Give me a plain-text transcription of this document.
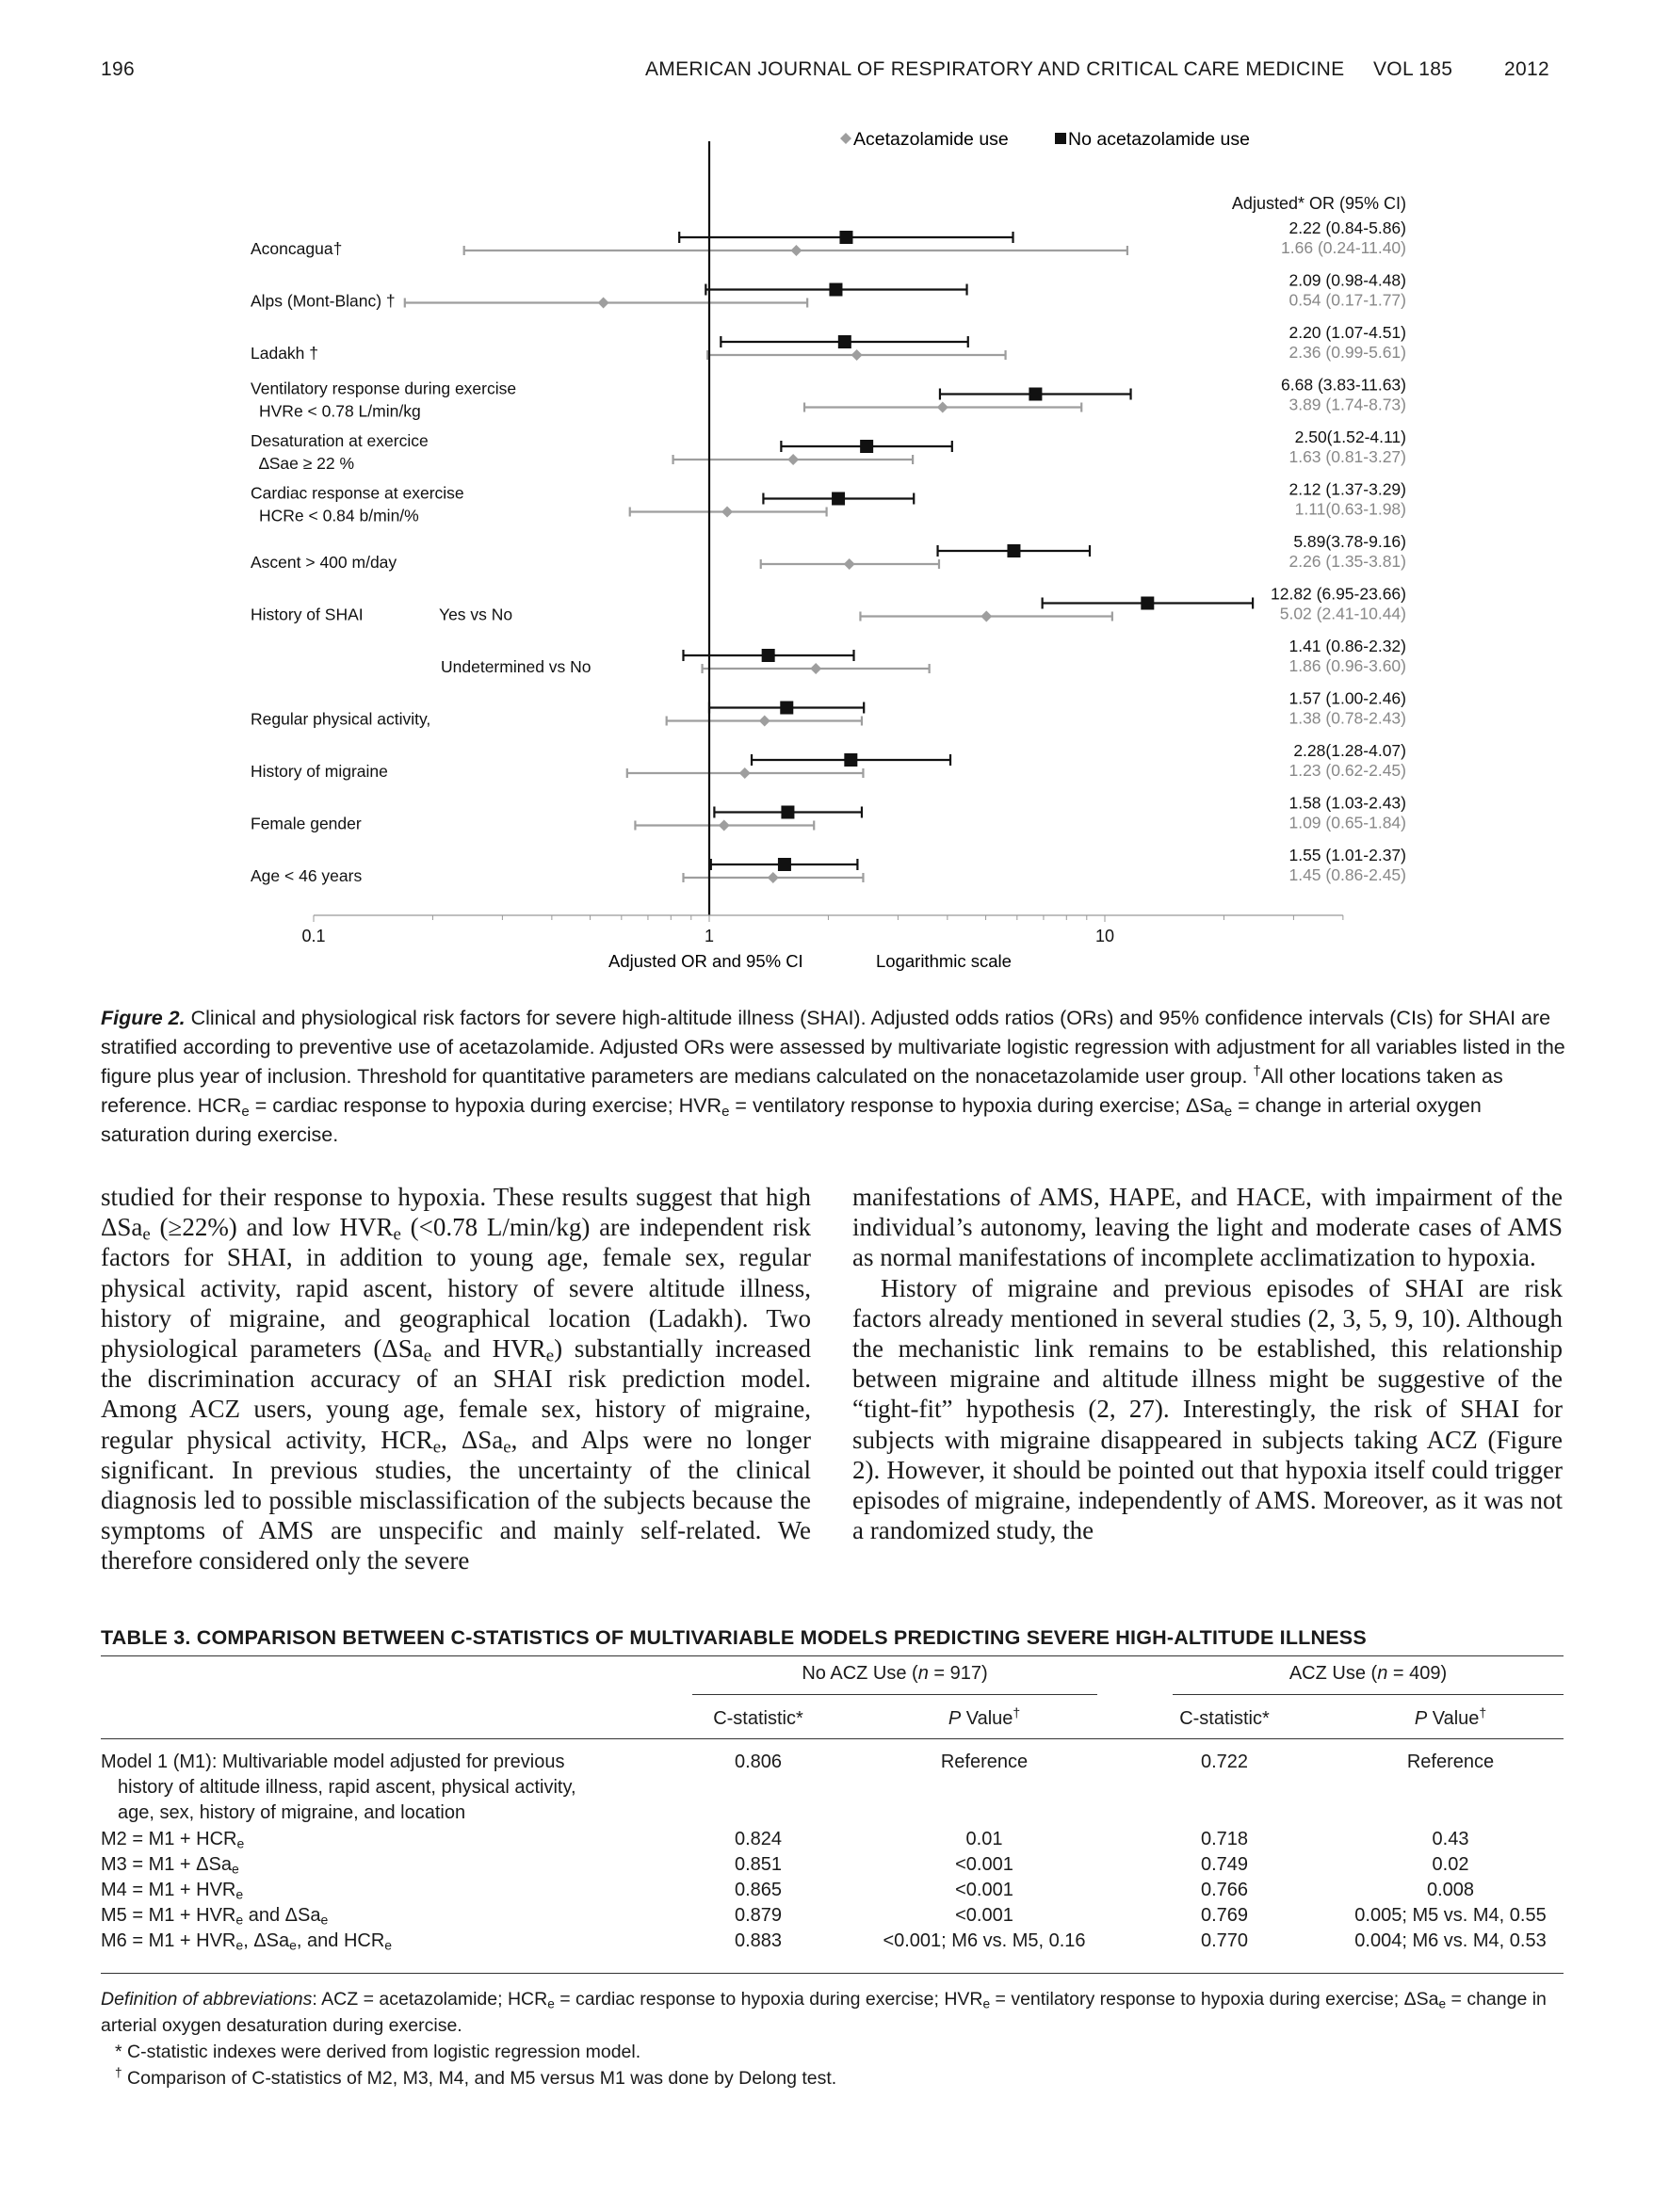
196	AMERICAN JOURNAL OF RESPIRATORY AND CRITICAL CARE MEDICINE VOL 185	2012
Acetazolamide use	No acetazolamide use
Adjusted* OR (95% CI)
Aconcagua†
2.22 (0.84-5.86)
1.66 (0.24-11.40)
Alps (Mont-Blanc) †
2.09 (0.98-4.48)
0.54 (0.17-1.77)
Ladakh †
2.20 (1.07-4.51)
2.36 (0.99-5.61)
Ventilatory response during exercise
HVRe < 0.78 L/min/kg
6.68 (3.83-11.63)
3.89 (1.74-8.73)
Desaturation at exercice
∆Sae ≥ 22 %
2.50(1.52-4.11)
1.63 (0.81-3.27)
Cardiac response at exercise
HCRe < 0.84 b/min/%
2.12 (1.37-3.29)
1.11(0.63-1.98)
Ascent > 400 m/day
5.89(3.78-9.16)
2.26 (1.35-3.81)
History of SHAI	Yes vs No
12.82 (6.95-23.66)
5.02 (2.41-10.44)
Undetermined vs No
1.41 (0.86-2.32)
1.86 (0.96-3.60)
Regular physical activity,
1.57 (1.00-2.46)
1.38 (0.78-2.43)
History of migraine
2.28(1.28-4.07)
1.23 (0.62-2.45)
Female gender
1.58 (1.03-2.43)
1.09 (0.65-1.84)
Age < 46 years
1.55 (1.01-2.37)
1.45 (0.86-2.45)
0.1	1	10
Adjusted OR and 95% CI	Logarithmic scale
Figure 2. Clinical and physiological risk factors for severe high-altitude illness (SHAI). Adjusted odds ratios (ORs) and 95% confidence intervals (CIs) for SHAI are stratified according to preventive use of acetazolamide. Adjusted ORs were assessed by multivariate logistic regression with adjustment for all variables listed in the figure plus year of inclusion. Threshold for quantitative parameters are medians calculated on the nonacetazolamide user group. †All other locations taken as reference. $HCR_e$ = cardiac response to hypoxia during exercise; $HVR_e$ = ventilatory response to hypoxia during exercise; ΔSa$_e$ = change in arterial oxygen saturation during exercise.

studied for their response to hypoxia. These results suggest that high ΔSa$_e$ (≥22%) and low $HVR_e$ (<0.78 L/min/kg) are independent risk factors for SHAI, in addition to young age, female sex, regular physical activity, rapid ascent, history of severe altitude illness, history of migraine, and geographical location (Ladakh). Two physiological parameters (ΔSa$_e$ and $HVR_e$) substantially increased the discrimination accuracy of an SHAI risk prediction model. Among ACZ users, young age, female sex, history of migraine, regular physical activity, $HCR_e$, ΔSa$_e$, and Alps were no longer significant. In previous studies, the uncertainty of the clinical diagnosis led to possible misclassification of the subjects because the symptoms of AMS are unspecific and mainly self-related. We therefore considered only the severe

manifestations of AMS, HAPE, and HACE, with impairment of the individual’s autonomy, leaving the light and moderate cases of AMS as normal manifestations of incomplete acclimatization to hypoxia.

History of migraine and previous episodes of SHAI are risk factors already mentioned in several studies (2, 3, 5, 9, 10). Although the mechanistic link remains to be established, this relationship between migraine and altitude illness might be suggestive of the “tight-fit” hypothesis (2, 27). Interestingly, the risk of SHAI for subjects with migraine disappeared in subjects taking ACZ (Figure 2). However, it should be pointed out that hypoxia itself could trigger episodes of migraine, independently of AMS. Moreover, as it was not a randomized study, the

TABLE 3. COMPARISON BETWEEN C-STATISTICS OF MULTIVARIABLE MODELS PREDICTING SEVERE HIGH-ALTITUDE ILLNESS
No ACZ Use (n = 917)	ACZ Use (n = 409)
C-statistic*	P Value†	C-statistic*	P Value†
Model 1 (M1): Multivariable model adjusted for previous
history of altitude illness, rapid ascent, physical activity,
age, sex, history of migraine, and location
0.806	Reference	0.722	Reference
$M2 = M1 + HCR_e$	0.824	0.01	0.718	0.43
M3 = M1 + ΔSa$_e$	0.851	<0.001	0.749	0.02
$M4 = M1 + HVR_e$	0.865	<0.001	0.766	0.008
$M5 = M1 + HVR_e$ and ΔSa$_e$	0.879	<0.001	0.769	0.005; M5 vs. M4, 0.55
$M6 = M1 + HVR_e$, ΔSa$_e$, and $HCR_e$	0.883	<0.001; M6 vs. M5, 0.16	0.770	0.004; M6 vs. M4, 0.53
Definition of abbreviations: ACZ = acetazolamide; $HCR_e$ = cardiac response to hypoxia during exercise; $HVR_e$ = ventilatory response to hypoxia during exercise; ΔSa$_e$ = change in arterial oxygen desaturation during exercise.
* C-statistic indexes were derived from logistic regression model.
† Comparison of C-statistics of M2, M3, M4, and M5 versus M1 was done by Delong test.
